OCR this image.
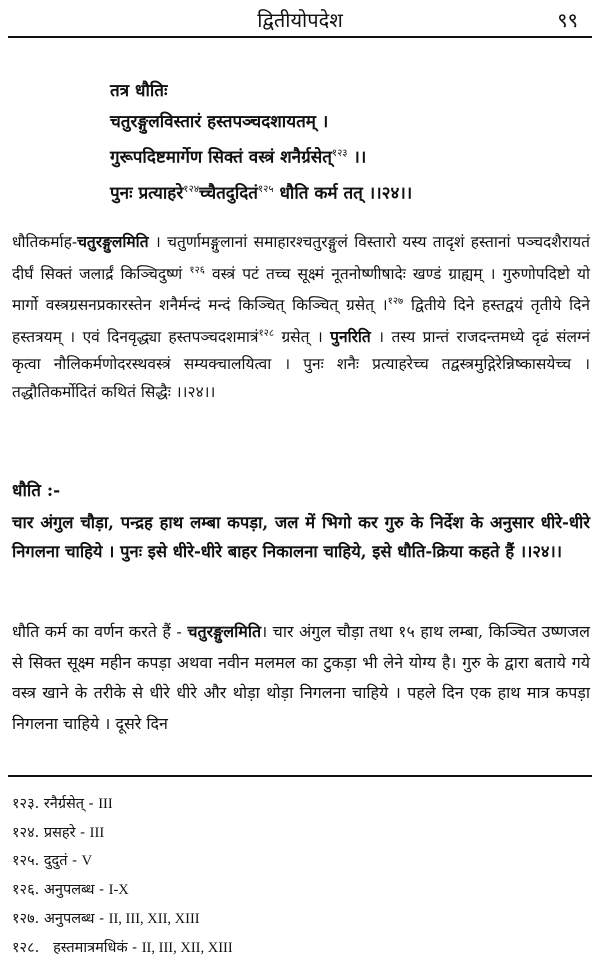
द्वितीयोपदेश	९९
तत्र धौतिः
चतुरङ्गुलविस्तारं हस्तपञ्चदशायतम् ।
गुरूपदिष्टमार्गेण सिक्तं वस्त्रं शनैर्ग्रसेत्$^{१२३}$ ।।
पुनः प्रत्याहरे$^{१२४}$च्चैतदुदितं$^{१२५}$ धौति कर्म तत् ।।२४।।
धौतिकर्माह-चतुरङ्गुलमिति । चतुर्णामङ्गुलानां समाहारश्चतुरङ्गुलं विस्तारो यस्य तादृशं हस्तानां पञ्चदशैरायतं दीर्घं सिक्तं जलार्द्रं किञ्चिदुष्णं $^{१२६}$ वस्त्रं पटं तच्च सूक्ष्मं नूतनोष्णीषादेः खण्डं ग्राह्यम् । गुरुणोपदिष्टो यो मार्गो वस्त्रग्रसनप्रकारस्तेन शनैर्मन्दं मन्दं किञ्चित् किञ्चित् ग्रसेत् ।$^{१२७}$ द्वितीये दिने हस्तद्वयं तृतीये दिने हस्तत्रयम् । एवं दिनवृद्ध्या हस्तपञ्चदशमात्रं$^{१२८}$ ग्रसेत् । पुनरिति । तस्य प्रान्तं राजदन्तमध्ये दृढं संलग्नं कृत्वा नौलिकर्मणोदरस्थवस्त्रं सम्यक्चालयित्वा । पुनः शनैः प्रत्याहरेच्च तद्वस्त्रमुद्गिरेन्निष्कासयेच्च । तद्धौतिकर्मोदितं कथितं सिद्धैः ।।२४।।
धौति :-
चार अंगुल चौड़ा, पन्द्रह हाथ लम्बा कपड़ा, जल में भिगो कर गुरु के निर्देश के अनुसार धीरे-धीरे निगलना चाहिये । पुनः इसे धीरे-धीरे बाहर निकालना चाहिये, इसे धौति-क्रिया कहते हैं ।।२४।।
धौति कर्म का वर्णन करते हैं - चतुरङ्गुलमिति। चार अंगुल चौड़ा तथा १५ हाथ लम्बा, किञ्चित उष्णजल से सिक्त सूक्ष्म महीन कपड़ा अथवा नवीन मलमल का टुकड़ा भी लेने योग्य है। गुरु के द्वारा बताये गये वस्त्र खाने के तरीके से धीरे धीरे और थोड़ा थोड़ा निगलना चाहिये । पहले दिन एक हाथ मात्र कपड़ा निगलना चाहिये । दूसरे दिन
१२३. रनैर्ग्रसेत् - III
१२४. प्रसहरे - III
१२५. दुदुतं - V
१२६. अनुपलब्ध - I-X
१२७. अनुपलब्ध - II, III, XII, XIII
१२८. हस्तमात्रमधिकं - II, III, XII, XIII
